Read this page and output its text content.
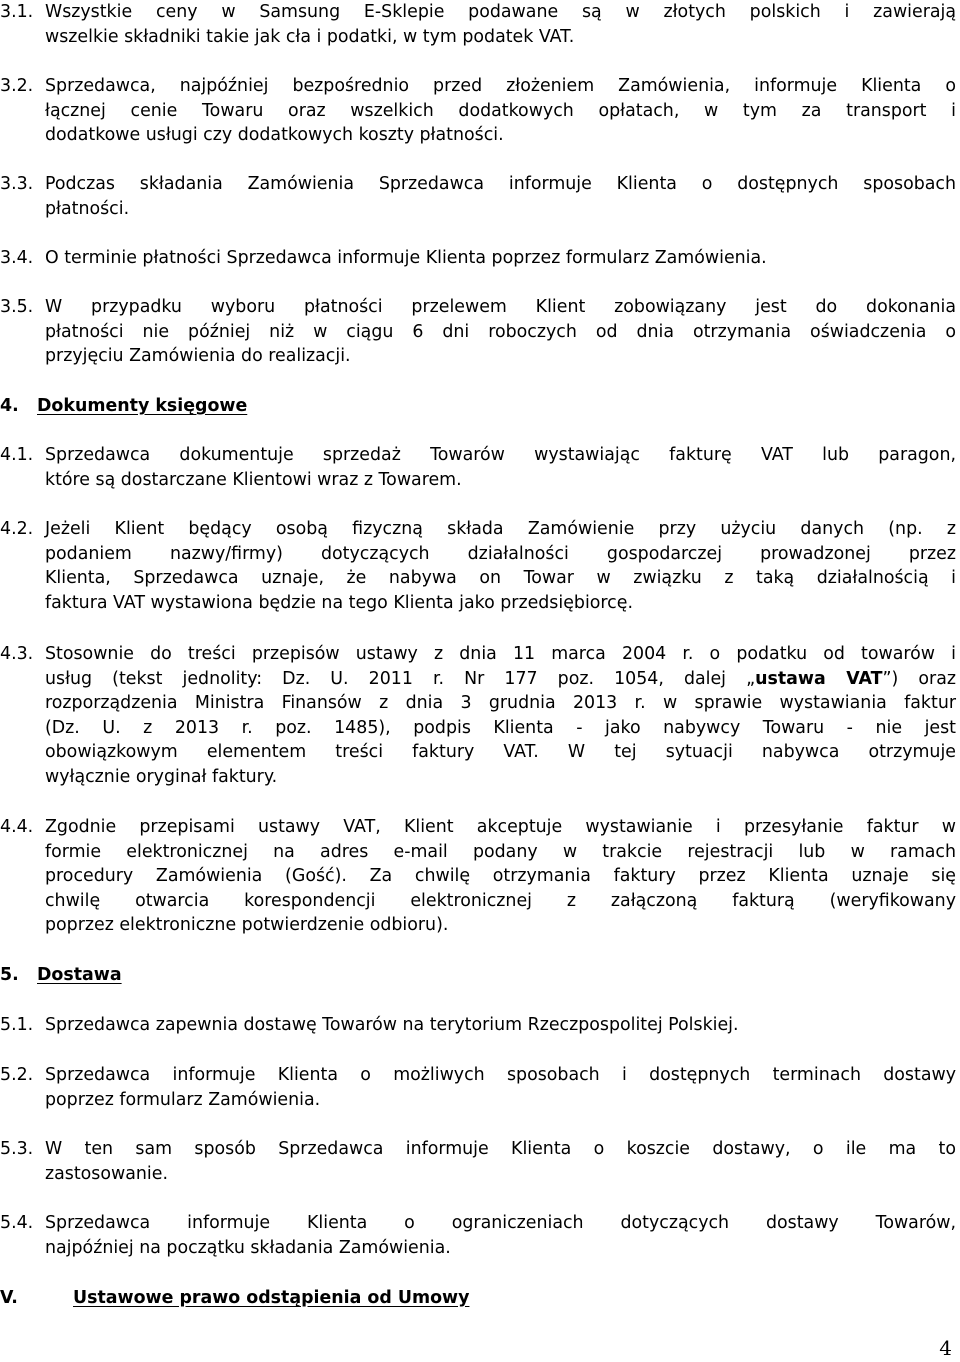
3.1. Wszystkie ceny w Samsung E-Sklepie podawane są w złotych polskich i zawierają
wszelkie składniki takie jak cła i podatki, w tym podatek VAT.
3.2. Sprzedawca, najpóźniej bezpośrednio przed złożeniem Zamówienia, informuje Klienta o
łącznej cenie Towaru oraz wszelkich dodatkowych opłatach, w tym za transport i
dodatkowe usługi czy dodatkowych koszty płatności.
3.3. Podczas składania Zamówienia Sprzedawca informuje Klienta o dostępnych sposobach
płatności.
3.4. O terminie płatności Sprzedawca informuje Klienta poprzez formularz Zamówienia.
3.5. W przypadku wyboru płatności przelewem Klient zobowiązany jest do dokonania
płatności nie później niż w ciągu 6 dni roboczych od dnia otrzymania oświadczenia o
przyjęciu Zamówienia do realizacji.
4. Dokumenty księgowe
4.1. Sprzedawca dokumentuje sprzedaż Towarów wystawiając fakturę VAT lub paragon,
które są dostarczane Klientowi wraz z Towarem.
4.2. Jeżeli Klient będący osobą fizyczną składa Zamówienie przy użyciu danych (np. z
podaniem nazwy/firmy) dotyczących działalności gospodarczej prowadzonej przez
Klienta, Sprzedawca uznaje, że nabywa on Towar w związku z taką działalnością i
faktura VAT wystawiona będzie na tego Klienta jako przedsiębiorcę.
4.3. Stosownie do treści przepisów ustawy z dnia 11 marca 2004 r. o podatku od towarów i
usług (tekst jednolity: Dz. U. 2011 r. Nr 177 poz. 1054, dalej „ustawa VAT”) oraz
rozporządzenia Ministra Finansów z dnia 3 grudnia 2013 r. w sprawie wystawiania faktur
(Dz. U. z 2013 r. poz. 1485), podpis Klienta - jako nabywcy Towaru - nie jest
obowiązkowym elementem treści faktury VAT. W tej sytuacji nabywca otrzymuje
wyłącznie oryginał faktury.
4.4. Zgodnie przepisami ustawy VAT, Klient akceptuje wystawianie i przesyłanie faktur w
formie elektronicznej na adres e-mail podany w trakcie rejestracji lub w ramach
procedury Zamówienia (Gość). Za chwilę otrzymania faktury przez Klienta uznaje się
chwilę otwarcia korespondencji elektronicznej z załączoną fakturą (weryfikowany
poprzez elektroniczne potwierdzenie odbioru).
5. Dostawa
5.1. Sprzedawca zapewnia dostawę Towarów na terytorium Rzeczpospolitej Polskiej.
5.2. Sprzedawca informuje Klienta o możliwych sposobach i dostępnych terminach dostawy
poprzez formularz Zamówienia.
5.3. W ten sam sposób Sprzedawca informuje Klienta o koszcie dostawy, o ile ma to
zastosowanie.
5.4. Sprzedawca informuje Klienta o ograniczeniach dotyczących dostawy Towarów,
najpóźniej na początku składania Zamówienia.
V.	Ustawowe prawo odstąpienia od Umowy
4
